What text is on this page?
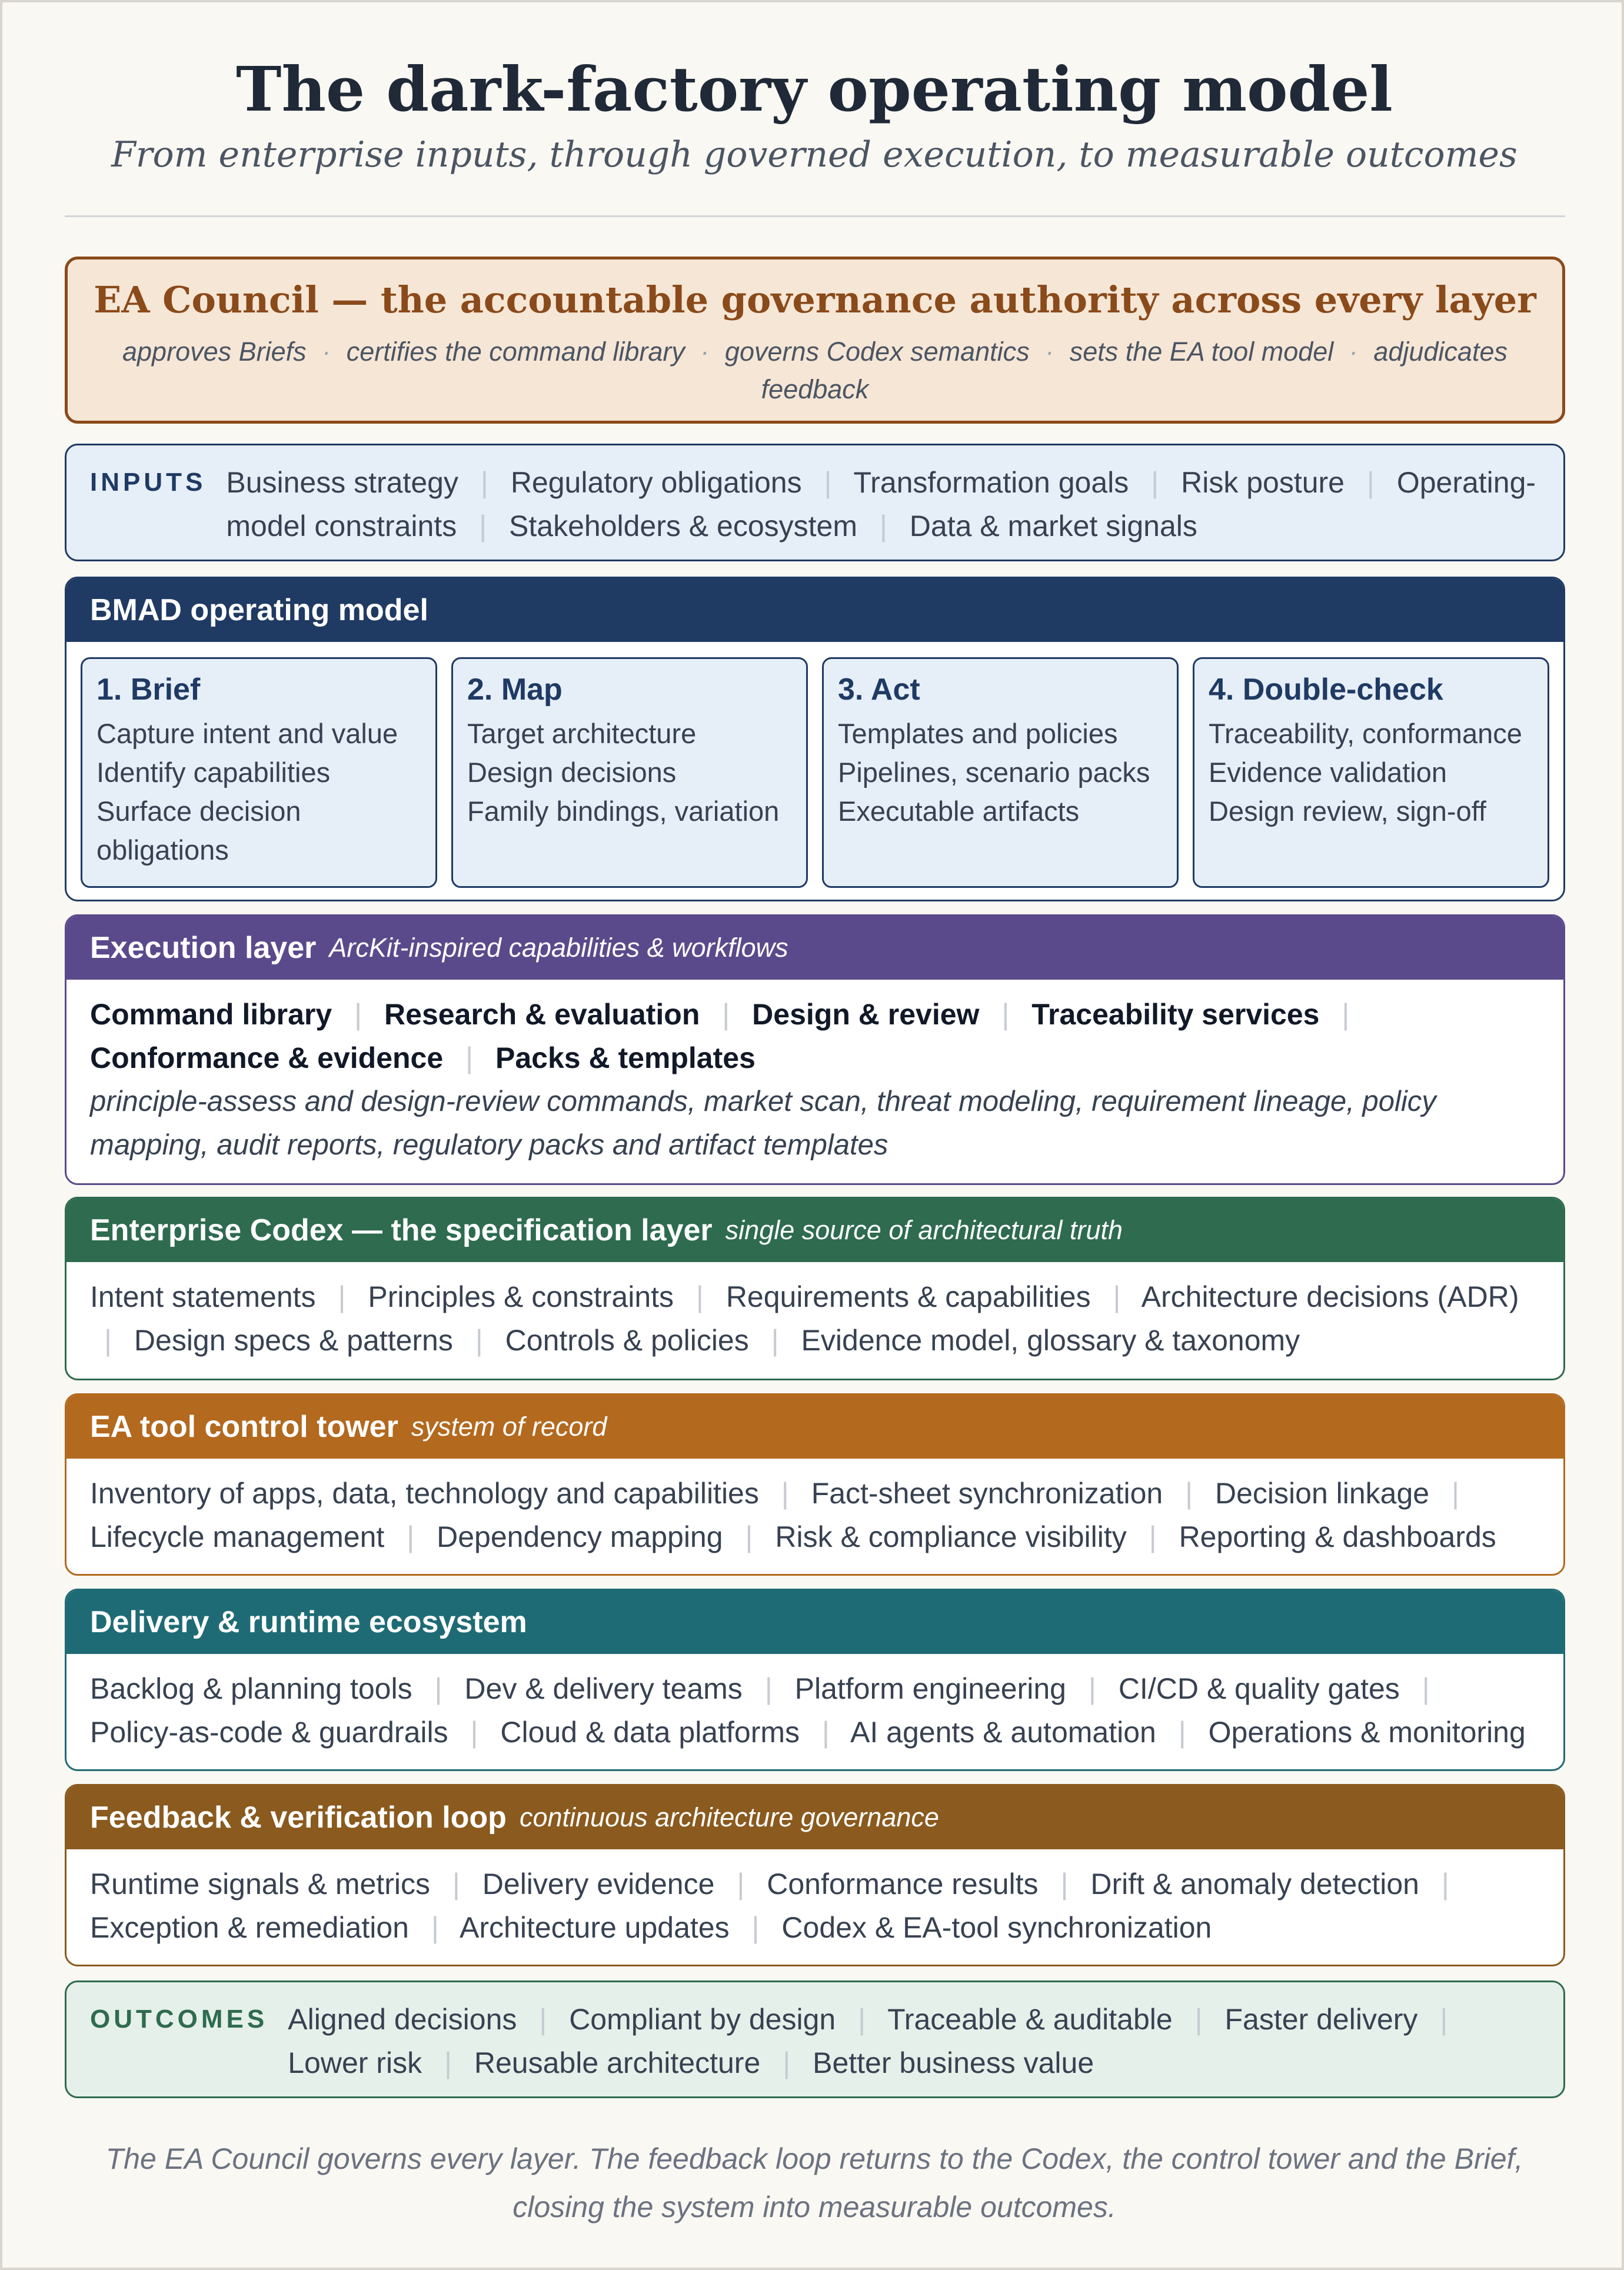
The dark-factory operating model
From enterprise inputs, through governed execution, to measurable outcomes
EA Council — the accountable governance authority across every layer
approves Briefs · certifies the command library · governs Codex semantics · sets the EA tool model · adjudicates feedback
INPUTS Business strategy | Regulatory obligations | Transformation goals | Risk posture | Operating-model constraints | Stakeholders & ecosystem | Data & market signals
BMAD operating model
1. Brief
Capture intent and value
Identify capabilities
Surface decision obligations
2. Map
Target architecture
Design decisions
Family bindings, variation
3. Act
Templates and policies
Pipelines, scenario packs
Executable artifacts
4. Double-check
Traceability, conformance
Evidence validation
Design review, sign-off
Execution layer ArcKit-inspired capabilities & workflows
Command library | Research & evaluation | Design & review | Traceability services | Conformance & evidence | Packs & templates
principle-assess and design-review commands, market scan, threat modeling, requirement lineage, policy mapping, audit reports, regulatory packs and artifact templates
Enterprise Codex — the specification layer single source of architectural truth
Intent statements | Principles & constraints | Requirements & capabilities | Architecture decisions (ADR) | Design specs & patterns | Controls & policies | Evidence model, glossary & taxonomy
EA tool control tower system of record
Inventory of apps, data, technology and capabilities | Fact-sheet synchronization | Decision linkage | Lifecycle management | Dependency mapping | Risk & compliance visibility | Reporting & dashboards
Delivery & runtime ecosystem
Backlog & planning tools | Dev & delivery teams | Platform engineering | CI/CD & quality gates | Policy-as-code & guardrails | Cloud & data platforms | AI agents & automation | Operations & monitoring
Feedback & verification loop continuous architecture governance
Runtime signals & metrics | Delivery evidence | Conformance results | Drift & anomaly detection | Exception & remediation | Architecture updates | Codex & EA-tool synchronization
OUTCOMES Aligned decisions | Compliant by design | Traceable & auditable | Faster delivery | Lower risk | Reusable architecture | Better business value
The EA Council governs every layer. The feedback loop returns to the Codex, the control tower and the Brief, closing the system into measurable outcomes.
